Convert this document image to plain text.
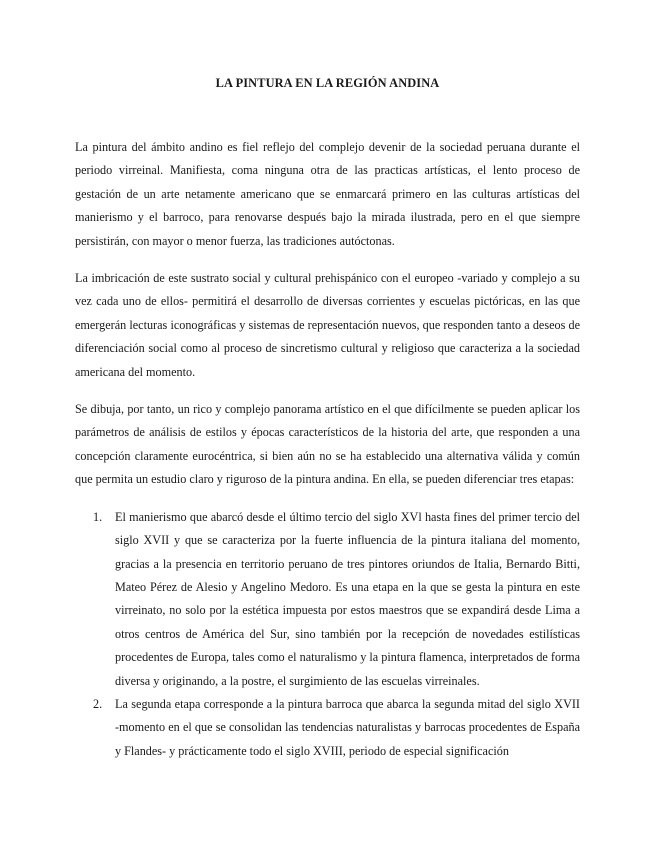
LA PINTURA EN LA REGIÓN ANDINA

La pintura del ámbito andino es fiel reflejo del complejo devenir de la sociedad peruana durante el periodo virreinal. Manifiesta, coma ninguna otra de las practicas artísticas, el lento proceso de gestación de un arte netamente americano que se enmarcará primero en las culturas artísticas del manierismo y el barroco, para renovarse después bajo la mirada ilustrada, pero en el que siempre persistirán, con mayor o menor fuerza, las tradiciones autóctonas.

La imbricación de este sustrato social y cultural prehispánico con el europeo -variado y complejo a su vez cada uno de ellos- permitirá el desarrollo de diversas corrientes y escuelas pictóricas, en las que emergerán lecturas iconográficas y sistemas de representación nuevos, que responden tanto a deseos de diferenciación social como al proceso de sincretismo cultural y religioso que caracteriza a la sociedad americana del momento.

Se dibuja, por tanto, un rico y complejo panorama artístico en el que difícilmente se pueden aplicar los parámetros de análisis de estilos y épocas característicos de la historia del arte, que responden a una concepción claramente eurocéntrica, si bien aún no se ha establecido una alternativa válida y común que permita un estudio claro y riguroso de la pintura andina. En ella, se pueden diferenciar tres etapas:

1. El manierismo que abarcó desde el último tercio del siglo XVl hasta fines del primer tercio del siglo XVII y que se caracteriza por la fuerte influencia de la pintura italiana del momento, gracias a la presencia en territorio peruano de tres pintores oriundos de Italia, Bernardo Bitti, Mateo Pérez de Alesio y Angelino Medoro. Es una etapa en la que se gesta la pintura en este virreinato, no solo por la estética impuesta por estos maestros que se expandirá desde Lima a otros centros de América del Sur, sino también por la recepción de novedades estilísticas procedentes de Europa, tales como el naturalismo y la pintura flamenca, interpretados de forma diversa y originando, a la postre, el surgimiento de las escuelas virreinales.
2. La segunda etapa corresponde a la pintura barroca que abarca la segunda mitad del siglo XVII -momento en el que se consolidan las tendencias naturalistas y barrocas procedentes de España y Flandes- y prácticamente todo el siglo XVIII, periodo de especial significación
